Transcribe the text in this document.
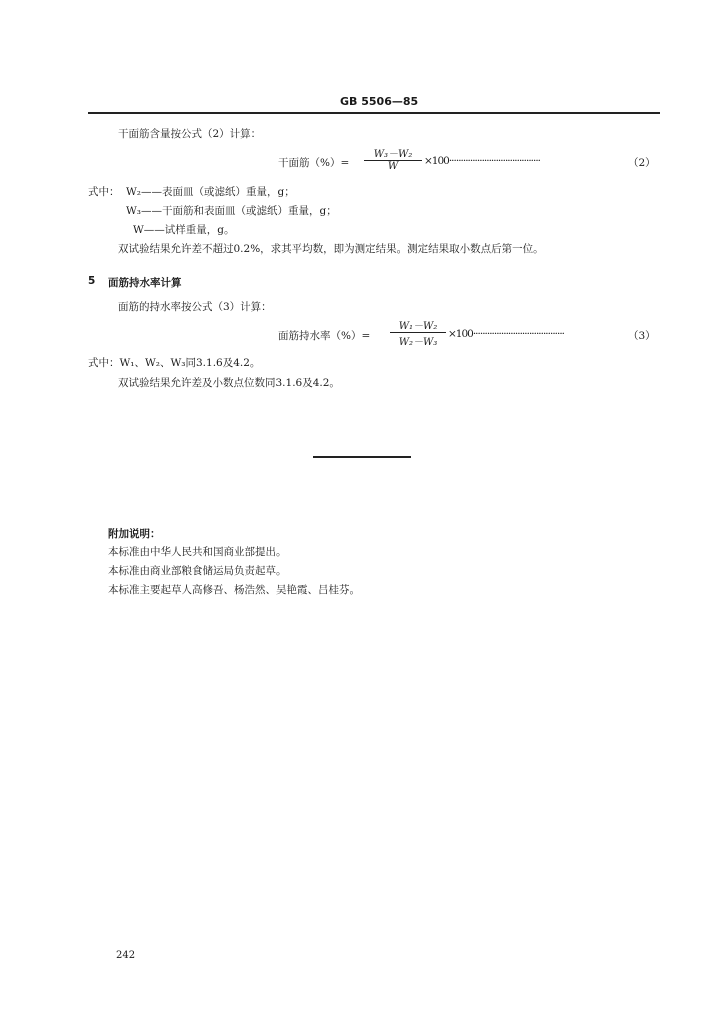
GB 5506—85
干面筋含量按公式（2）计算：
干面筋（%）=
W₃－W₂
W	×100·······································	（2）
式中： W₂——表面皿（或滤纸）重量，g；
W₃——干面筋和表面皿（或滤纸）重量，g；
W——试样重量，g。
双试验结果允许差不超过0.2%，求其平均数，即为测定结果。测定结果取小数点后第一位。
5 面筋持水率计算
面筋的持水率按公式（3）计算：
面筋持水率（%）=
W₁－W₂
W₂－W₃
×100·······································	（3）
式中：W₁、W₂、W₃同3.1.6及4.2。
双试验结果允许差及小数点位数同3.1.6及4.2。
附加说明：
本标准由中华人民共和国商业部提出。
本标准由商业部粮食储运局负责起草。
本标准主要起草人高修吾、杨浩然、吴艳霞、吕桂芬。
242
